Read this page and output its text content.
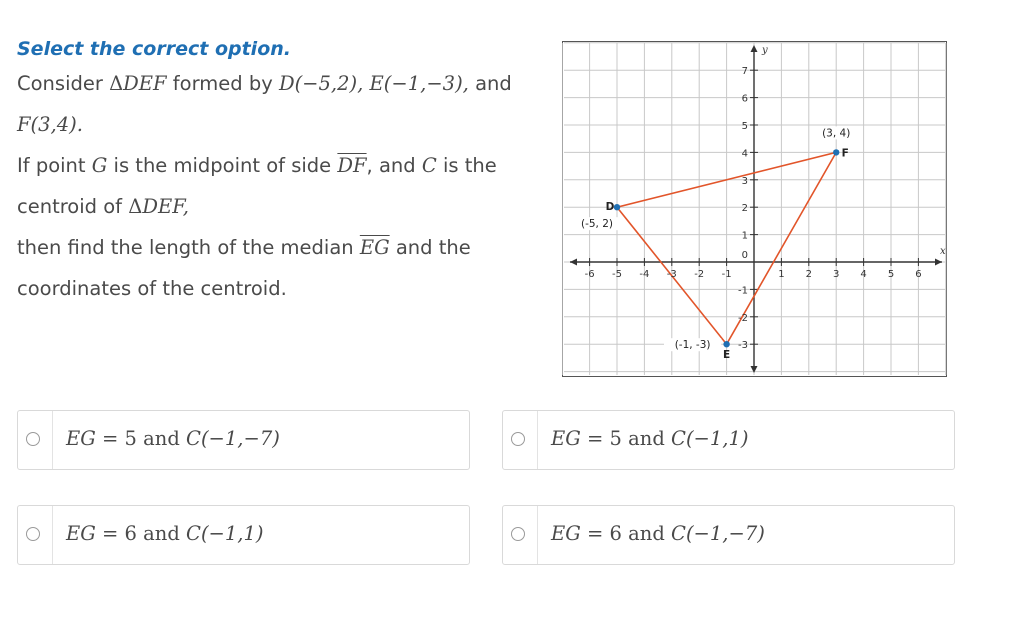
Select the correct option.
Consider ΔDEF formed by D(−5,2), E(−1,−3), and
F(3,4).
If point G is the midpoint of side $\overline{DF}$, and C is the
centroid of ΔDEF,
then find the length of the median $\overline{EG}$ and the
coordinates of the centroid.
-6 -5 -4 -3 -2 -1	1 2 3 4 5 6
7
6
5
4
3
2
1
-1
-2
-3
0	x
y
D
(-5, 2)
E
(-1, -3)
F
(3, 4)
EG = 5 and C(−1,−7)	EG = 5 and C(−1,1)
EG = 6 and C(−1,1)	EG = 6 and C(−1,−7)
